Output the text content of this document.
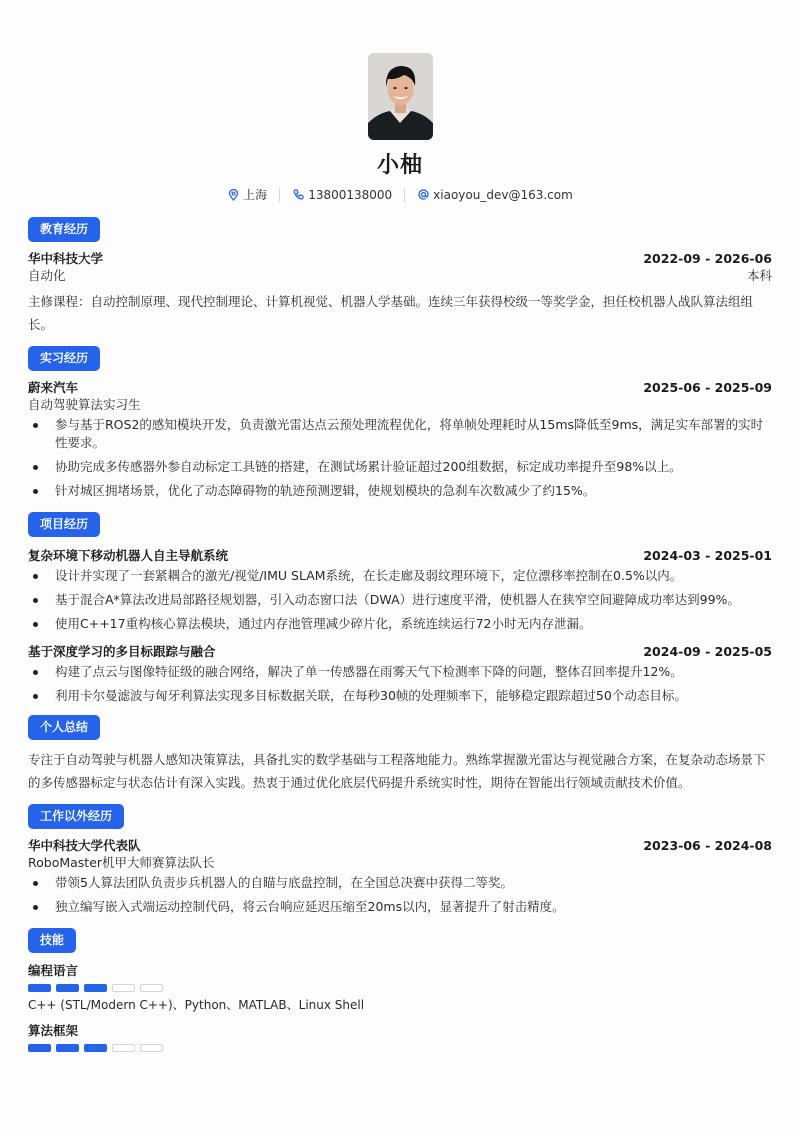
小柚
上海	13800138000	xiaoyou_dev@163.com
教育经历
华中科技大学	2022-09 - 2026-06
自动化	本科
主修课程：自动控制原理、现代控制理论、计算机视觉、机器人学基础。连续三年获得校级一等奖学金，担任校机器人战队算法组组长。
实习经历
蔚来汽车	2025-06 - 2025-09
自动驾驶算法实习生
参与基于ROS2的感知模块开发，负责激光雷达点云预处理流程优化，将单帧处理耗时从15ms降低至9ms，满足实车部署的实时性要求。
协助完成多传感器外参自动标定工具链的搭建，在测试场累计验证超过200组数据，标定成功率提升至98%以上。
针对城区拥堵场景，优化了动态障碍物的轨迹预测逻辑，使规划模块的急刹车次数减少了约15%。
项目经历
复杂环境下移动机器人自主导航系统	2024-03 - 2025-01
设计并实现了一套紧耦合的激光/视觉/IMU SLAM系统，在长走廊及弱纹理环境下，定位漂移率控制在0.5%以内。
基于混合A*算法改进局部路径规划器，引入动态窗口法（DWA）进行速度平滑，使机器人在狭窄空间避障成功率达到99%。
使用C++17重构核心算法模块，通过内存池管理减少碎片化，系统连续运行72小时无内存泄漏。
基于深度学习的多目标跟踪与融合	2024-09 - 2025-05
构建了点云与图像特征级的融合网络，解决了单一传感器在雨雾天气下检测率下降的问题，整体召回率提升12%。
利用卡尔曼滤波与匈牙利算法实现多目标数据关联，在每秒30帧的处理频率下，能够稳定跟踪超过50个动态目标。
个人总结
专注于自动驾驶与机器人感知决策算法，具备扎实的数学基础与工程落地能力。熟练掌握激光雷达与视觉融合方案，在复杂动态场景下的多传感器标定与状态估计有深入实践。热衷于通过优化底层代码提升系统实时性，期待在智能出行领域贡献技术价值。
工作以外经历
华中科技大学代表队	2023-06 - 2024-08
RoboMaster机甲大师赛算法队长
带领5人算法团队负责步兵机器人的自瞄与底盘控制，在全国总决赛中获得二等奖。
独立编写嵌入式端运动控制代码，将云台响应延迟压缩至20ms以内，显著提升了射击精度。
技能
编程语言
C++ (STL/Modern C++)、Python、MATLAB、Linux Shell
算法框架
